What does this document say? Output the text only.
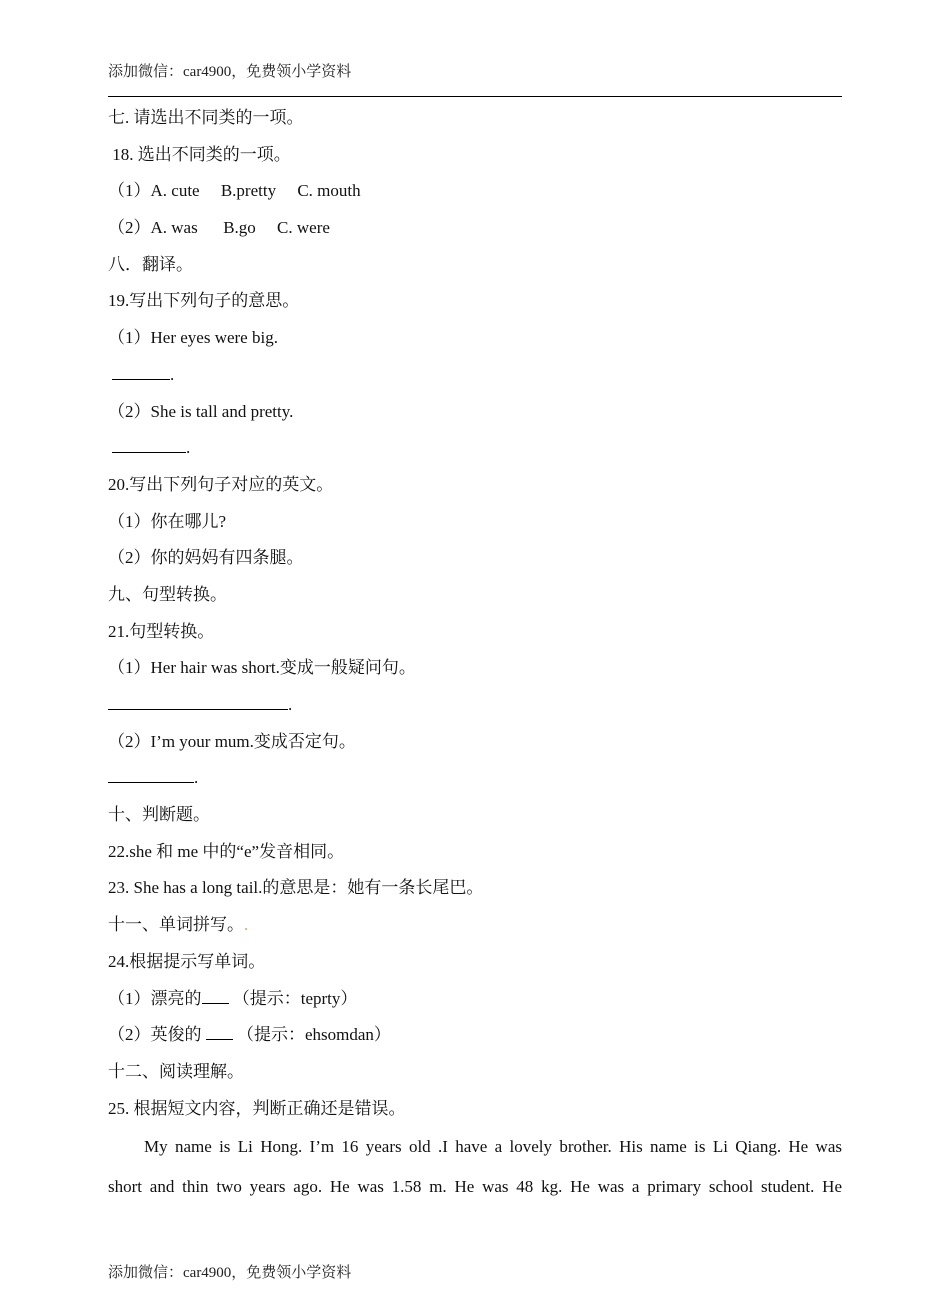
添加微信：car4900，免费领小学资料
七. 请选出不同类的一项。
18. 选出不同类的一项。
（1）A. cute     B.pretty     C. mouth
（2）A. was      B.go     C. were
八．翻译。
19.写出下列句子的意思。
（1）Her eyes were big.
.
（2）She is tall and pretty.
.
20.写出下列句子对应的英文。
（1）你在哪儿?
（2）你的妈妈有四条腿。
九、句型转换。
21.句型转换。
（1）Her hair was short.变成一般疑问句。
.
（2）I’m your mum.变成否定句。
.
十、判断题。
22.she 和 me 中的“e”发音相同。
23. She has a long tail.的意思是：她有一条长尾巴。
十一、单词拼写。.
24.根据提示写单词。
（1）漂亮的 （提示：teprty）
（2）英俊的  （提示：ehsomdan）
十二、阅读理解。
25. 根据短文内容，判断正确还是错误。

My name is Li Hong. I’m 16 years old .I have a lovely brother. His name is Li Qiang. He was

short and thin two years ago. He was 1.58 m. He was 48 kg. He was a primary school student. He

添加微信：car4900，免费领小学资料
